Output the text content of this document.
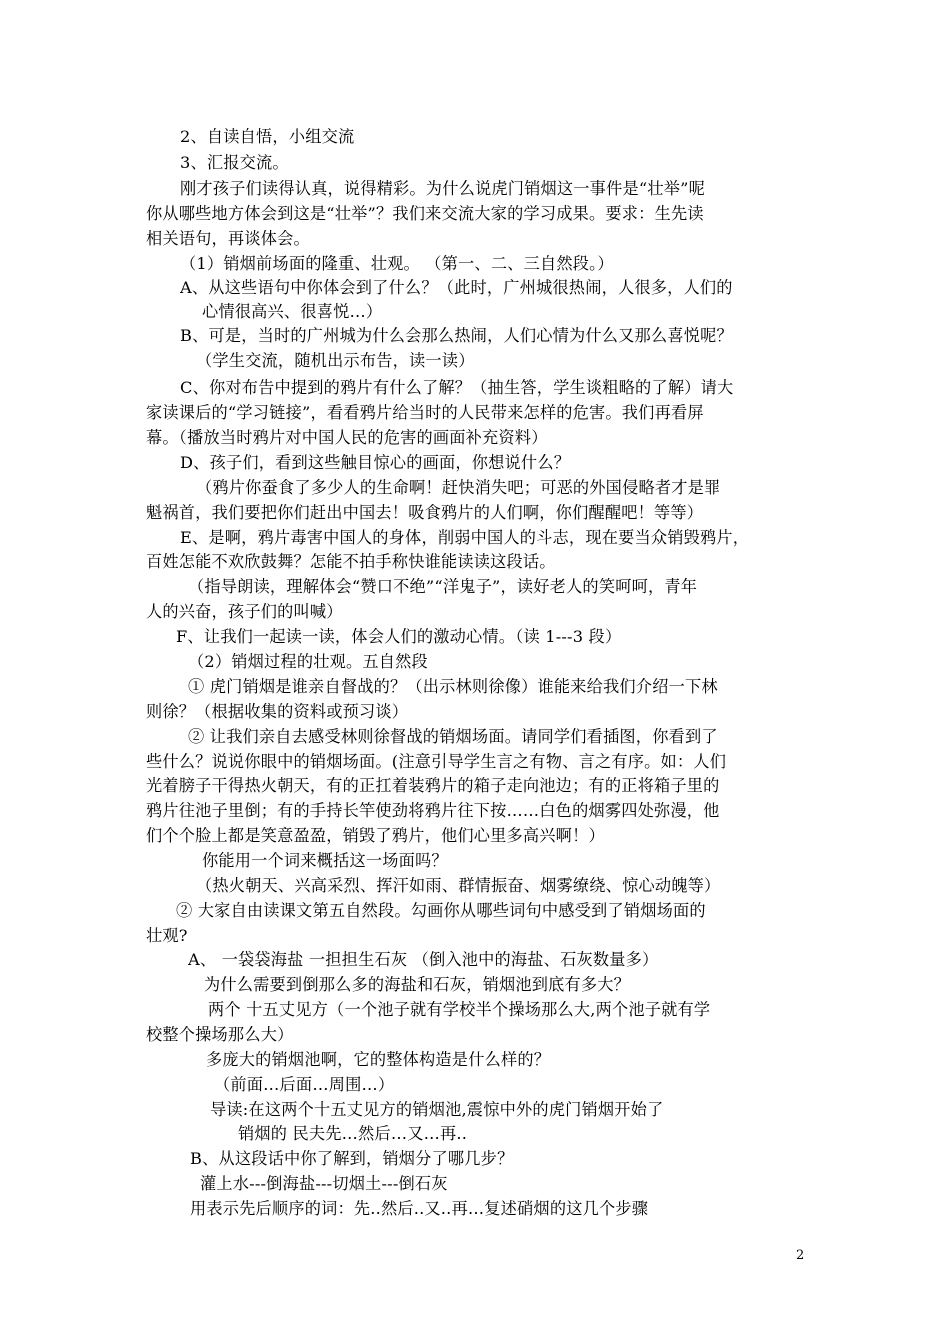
2、自读自悟，小组交流
3、汇报交流。
刚才孩子们读得认真，说得精彩。为什么说虎门销烟这一事件是“壮举”呢
你从哪些地方体会到这是“壮举”？我们来交流大家的学习成果。要求：生先读
相关语句，再谈体会。
（1）销烟前场面的隆重、壮观。 （第一、二、三自然段。）
A、从这些语句中你体会到了什么？（此时，广州城很热闹，人很多，人们的
心情很高兴、很喜悦…）
B、可是，当时的广州城为什么会那么热闹，人们心情为什么又那么喜悦呢？
（学生交流，随机出示布告，读一读）
C、你对布告中提到的鸦片有什么了解？（抽生答，学生谈粗略的了解）请大
家读课后的“学习链接”，看看鸦片给当时的人民带来怎样的危害。我们再看屏
幕。（播放当时鸦片对中国人民的危害的画面补充资料）
D、孩子们，看到这些触目惊心的画面，你想说什么？
（鸦片你蚕食了多少人的生命啊！赶快消失吧；可恶的外国侵略者才是罪
魁祸首，我们要把你们赶出中国去！吸食鸦片的人们啊，你们醒醒吧！等等）
E、是啊，鸦片毒害中国人的身体，削弱中国人的斗志，现在要当众销毁鸦片，
百姓怎能不欢欣鼓舞？怎能不拍手称快谁能读读这段话。
（指导朗读，理解体会“赞口不绝”“洋鬼子”，读好老人的笑呵呵，青年
人的兴奋，孩子们的叫喊）
F、让我们一起读一读，体会人们的激动心情。（读 1---3 段）
（2）销烟过程的壮观。五自然段
① 虎门销烟是谁亲自督战的？（出示林则徐像）谁能来给我们介绍一下林
则徐？（根据收集的资料或预习谈）
② 让我们亲自去感受林则徐督战的销烟场面。请同学们看插图，你看到了
些什么？说说你眼中的销烟场面。(注意引导学生言之有物、言之有序。如：人们
光着膀子干得热火朝天，有的正扛着装鸦片的箱子走向池边；有的正将箱子里的
鸦片往池子里倒；有的手持长竿使劲将鸦片往下按……白色的烟雾四处弥漫，他
们个个脸上都是笑意盈盈，销毁了鸦片，他们心里多高兴啊！）
你能用一个词来概括这一场面吗？
（热火朝天、兴高采烈、挥汗如雨、群情振奋、烟雾缭绕、惊心动魄等）
② 大家自由读课文第五自然段。勾画你从哪些词句中感受到了销烟场面的
壮观?
A、 一袋袋海盐 一担担生石灰 （倒入池中的海盐、石灰数量多）
为什么需要到倒那么多的海盐和石灰，销烟池到底有多大？
两个 十五丈见方（一个池子就有学校半个操场那么大,两个池子就有学
校整个操场那么大）
多庞大的销烟池啊，它的整体构造是什么样的？
（前面…后面…周围…）
导读:在这两个十五丈见方的销烟池,震惊中外的虎门销烟开始了
销烟的 民夫先…然后…又…再..
B、从这段话中你了解到，销烟分了哪几步？
灌上水---倒海盐---切烟土---倒石灰
用表示先后顺序的词：先..然后..又..再…复述硝烟的这几个步骤
2
